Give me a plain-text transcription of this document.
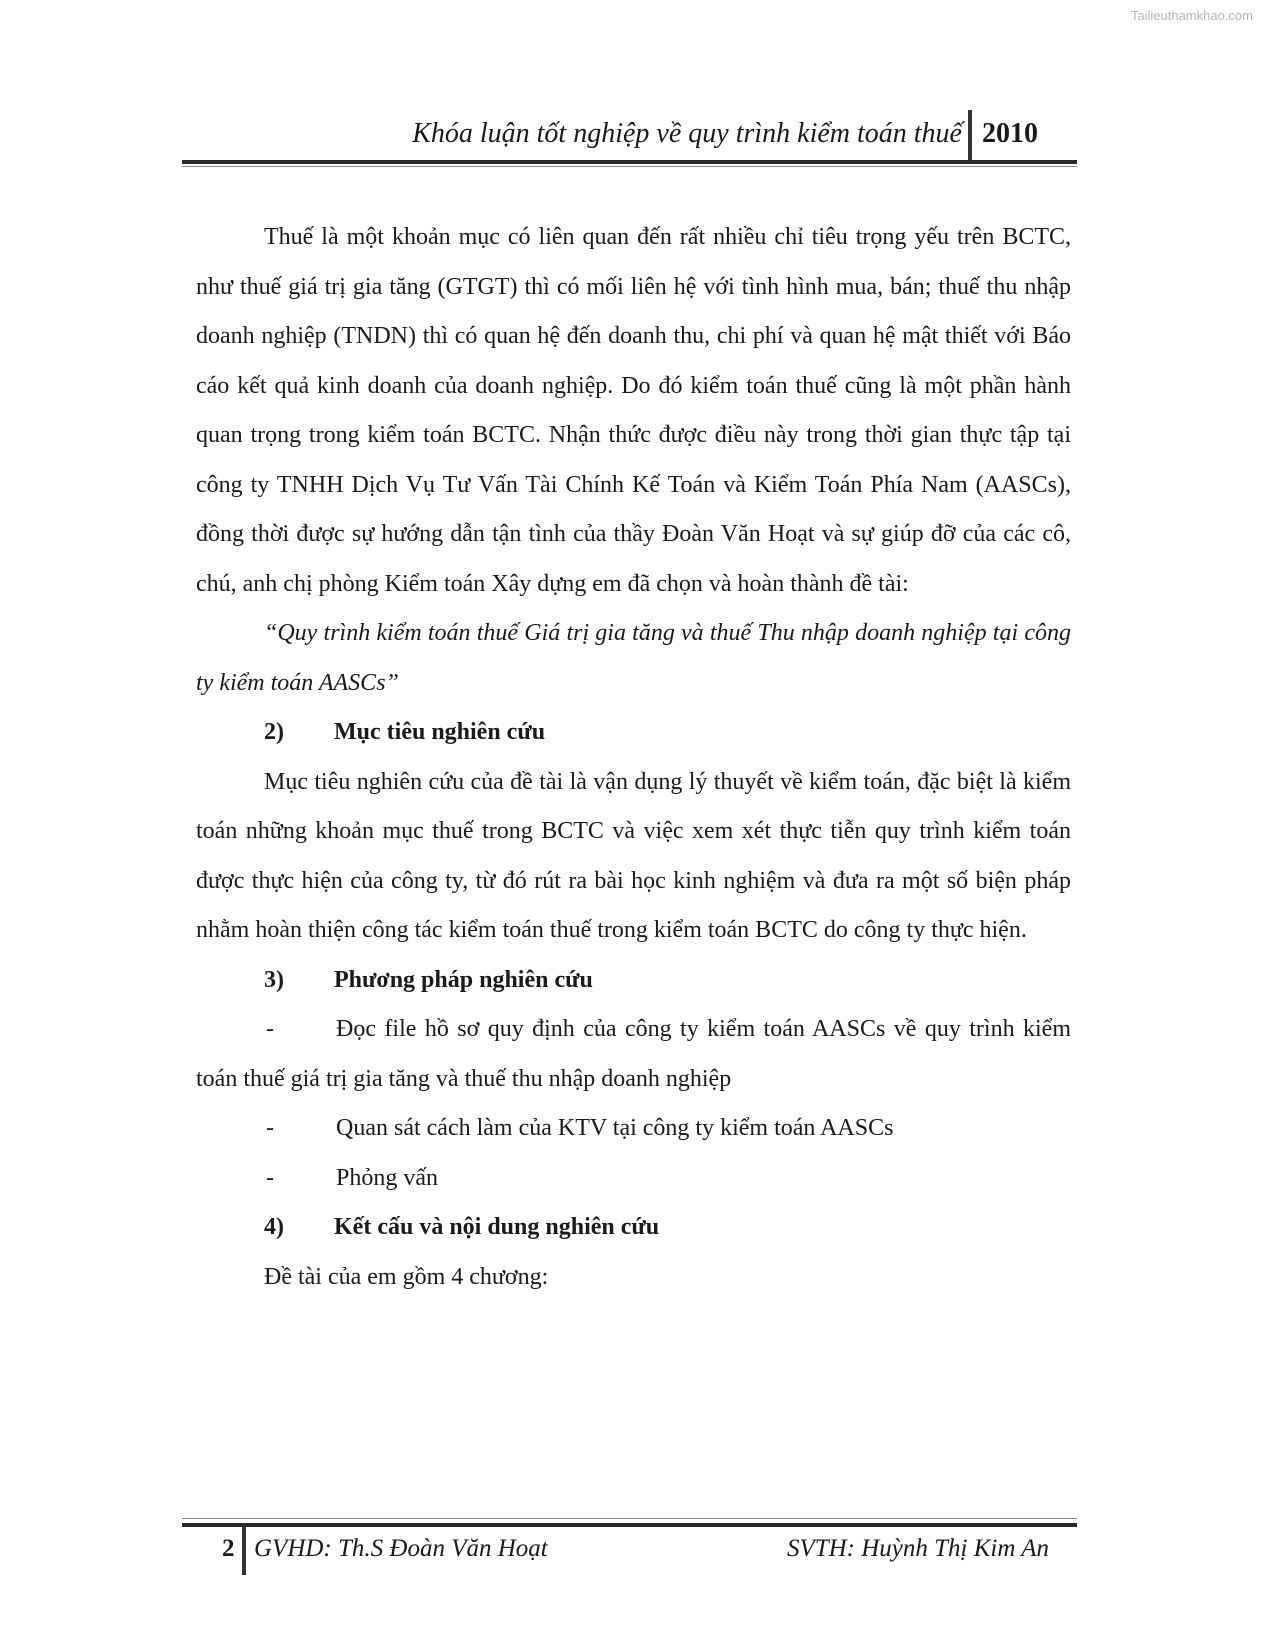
Tailieuthamkhao.com
Khóa luận tốt nghiệp về quy trình kiểm toán thuế 2010

Thuế là một khoản mục có liên quan đến rất nhiều chỉ tiêu trọng yếu trên BCTC, như thuế giá trị gia tăng (GTGT) thì có mối liên hệ với tình hình mua, bán; thuế thu nhập doanh nghiệp (TNDN) thì có quan hệ đến doanh thu, chi phí và quan hệ mật thiết với Báo cáo kết quả kinh doanh của doanh nghiệp. Do đó kiểm toán thuế cũng là một phần hành quan trọng trong kiểm toán BCTC. Nhận thức được điều này trong thời gian thực tập tại công ty TNHH Dịch Vụ Tư Vấn Tài Chính Kế Toán và Kiểm Toán Phía Nam (AASCs), đồng thời được sự hướng dẫn tận tình của thầy Đoàn Văn Hoạt và sự giúp đỡ của các cô, chú, anh chị phòng Kiểm toán Xây dựng em đã chọn và hoàn thành đề tài:

“Quy trình kiểm toán thuế Giá trị gia tăng và thuế Thu nhập doanh nghiệp tại công ty kiểm toán AASCs”

2) Mục tiêu nghiên cứu

Mục tiêu nghiên cứu của đề tài là vận dụng lý thuyết về kiểm toán, đặc biệt là kiểm toán những khoản mục thuế trong BCTC và việc xem xét thực tiễn quy trình kiểm toán được thực hiện của công ty, từ đó rút ra bài học kinh nghiệm và đưa ra một số biện pháp nhằm hoàn thiện công tác kiểm toán thuế trong kiểm toán BCTC do công ty thực hiện.

3) Phương pháp nghiên cứu

-	Đọc file hồ sơ quy định của công ty kiểm toán AASCs về quy trình kiểm toán thuế giá trị gia tăng và thuế thu nhập doanh nghiệp

-	Quan sát cách làm của KTV tại công ty kiểm toán AASCs

-	Phỏng vấn

4) Kết cấu và nội dung nghiên cứu

Đề tài của em gồm 4 chương:

2 GVHD: Th.S Đoàn Văn Hoạt	SVTH: Huỳnh Thị Kim An
